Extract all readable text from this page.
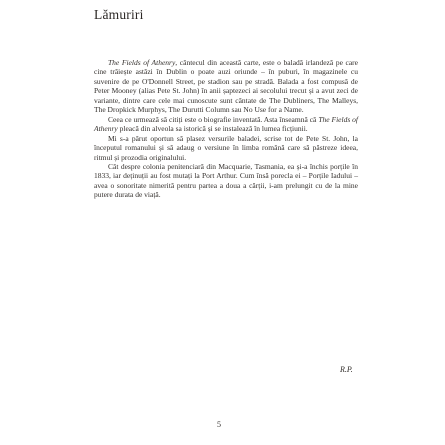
Lămuriri

The Fields of Athenry, cântecul din această carte, este o baladă irlandeză pe care cine trăiește astăzi în Dublin o poate auzi oriunde – în puburi, în magazinele cu suvenire de pe O'Donnell Street, pe stadion sau pe stradă. Balada a fost compusă de Peter Mooney (alias Pete St. John) în anii șaptezeci ai secolului trecut și a avut zeci de variante, dintre care cele mai cunoscute sunt cântate de The Dubliners, The Malleys, The Dropkick Murphys, The Durutti Column sau No Use for a Name.

Ceea ce urmează să citiți este o biografie inventată. Asta înseamnă că The Fields of Athenry pleacă din alveola sa istorică și se instalează în lumea ficțiunii.

Mi s-a părut oportun să plasez versurile baladei, scrise tot de Pete St. John, la începutul romanului și să adaug o versiune în limba română care să păstreze ideea, ritmul și prozodia originalului.

Cât despre colonia penitenciară din Macquarie, Tasmania, ea și-a închis porțile în 1833, iar deținuții au fost mutați la Port Arthur. Cum însă porecla ei – Porțile Iadului – avea o sonoritate nimerită pentru partea a doua a cărții, i-am prelungit cu de la mine putere durata de viață.

R.P.
5
